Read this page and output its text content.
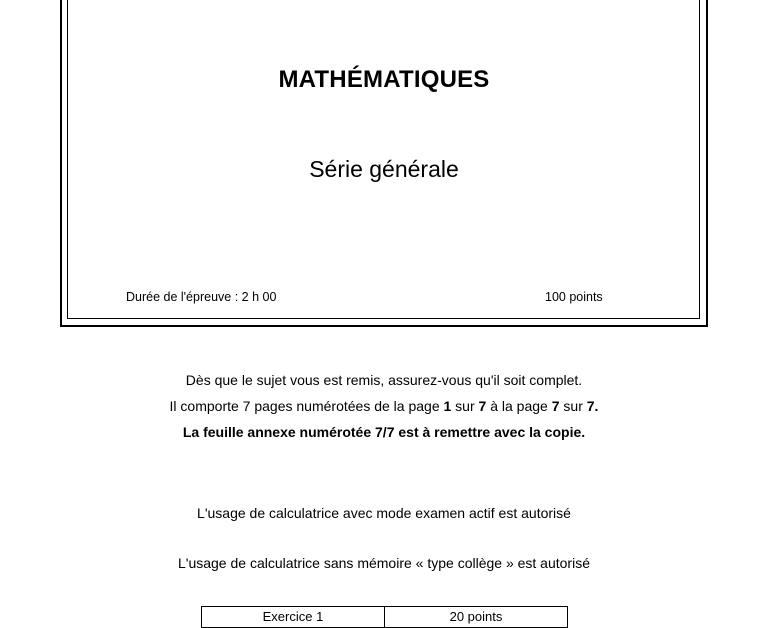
MATHÉMATIQUES
Série générale
Durée de l'épreuve : 2 h 00	100 points
Dès que le sujet vous est remis, assurez-vous qu'il soit complet.
Il comporte 7 pages numérotées de la page 1 sur 7 à la page 7 sur 7.
La feuille annexe numérotée 7/7 est à remettre avec la copie.
L'usage de calculatrice avec mode examen actif est autorisé
L'usage de calculatrice sans mémoire « type collège » est autorisé
Exercice 1	20 points
